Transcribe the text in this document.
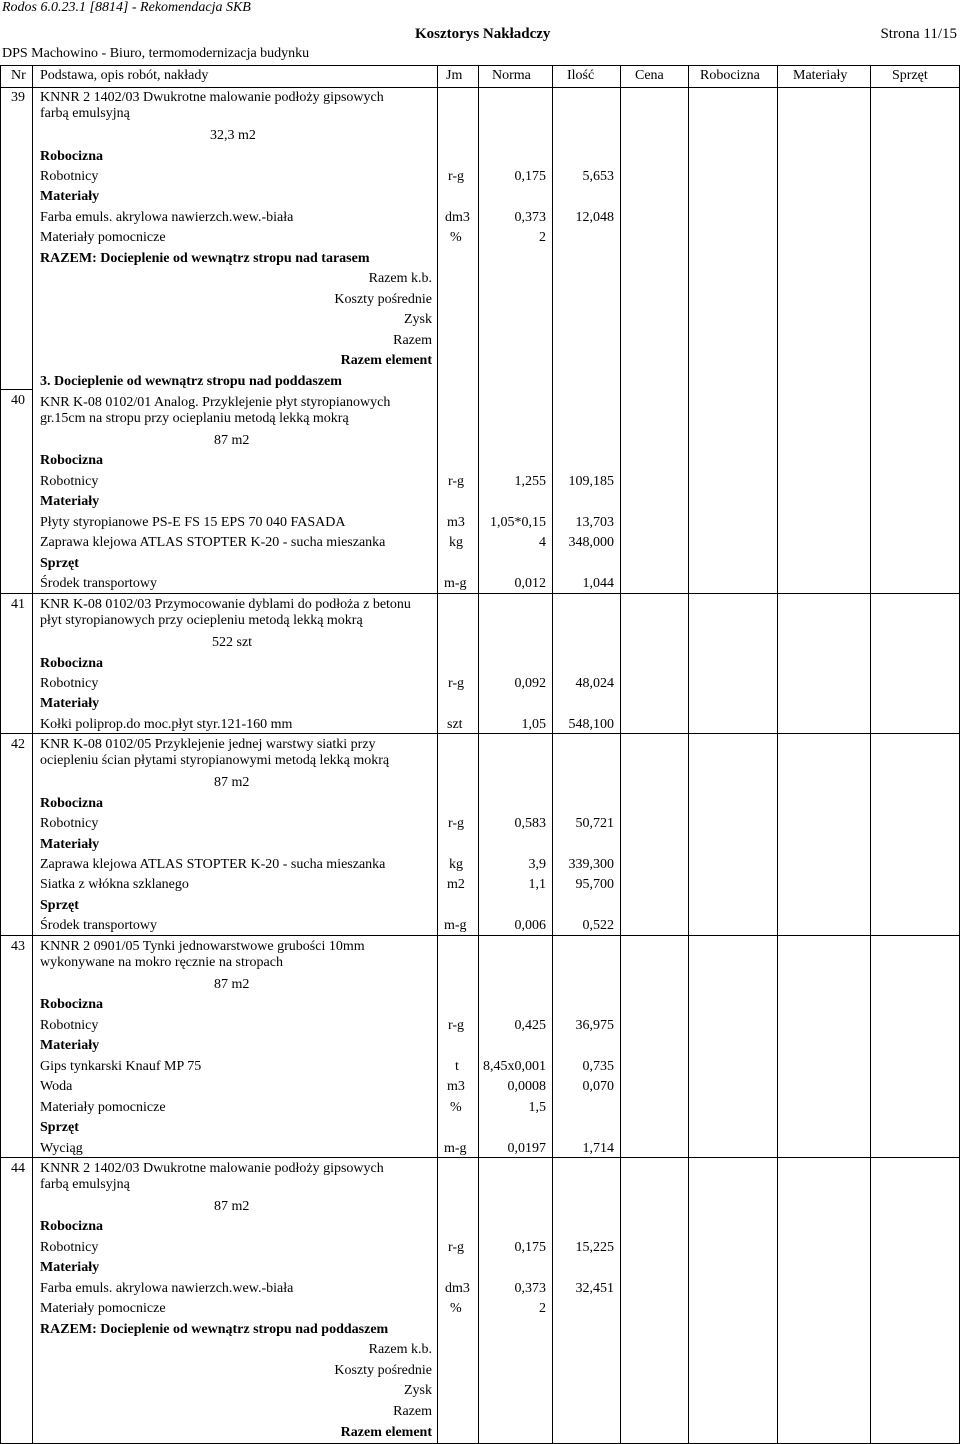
Rodos 6.0.23.1 [8814] - Rekomendacja SKB
Kosztorys Nakładczy	Strona 11/15
DPS Machowino - Biuro, termomodernizacja budynku
Nr Podstawa, opis robót, nakłady	Jm Norma	Ilość	Cena	Robocizna Materiały	Sprzęt
39 KNNR 2 1402/03 Dwukrotne malowanie podłoży gipsowych
farbą emulsyjną
32,3 m2
Robocizna
Robotnicy	r-g	0,175	5,653
Materiały
Farba emuls. akrylowa nawierzch.wew.-biała	dm3	0,373 12,048
Materiały pomocnicze	%	2
RAZEM: Docieplenie od wewnątrz stropu nad tarasem
Razem k.b.
Koszty pośrednie
Zysk
Razem
Razem element
3. Docieplenie od wewnątrz stropu nad poddaszem
40 KNR K-08 0102/01 Analog. Przyklejenie płyt styropianowych
gr.15cm na stropu przy ocieplaniu metodą lekką mokrą
87 m2
Robocizna
Robotnicy	r-g	1,255 109,185
Materiały
Płyty styropianowe PS-E FS 15 EPS 70 040 FASADA	m3 1,05*0,15 13,703
Zaprawa klejowa ATLAS STOPTER K-20 - sucha mieszanka	kg	4 348,000
Sprzęt
Środek transportowy	m-g	0,012	1,044
41 KNR K-08 0102/03 Przymocowanie dyblami do podłoża z betonu
płyt styropianowych przy ociepleniu metodą lekką mokrą
522 szt
Robocizna
Robotnicy	r-g	0,092 48,024
Materiały
Kołki poliprop.do moc.płyt styr.121-160 mm	szt	1,05 548,100
42 KNR K-08 0102/05 Przyklejenie jednej warstwy siatki przy
ociepleniu ścian płytami styropianowymi metodą lekką mokrą
87 m2
Robocizna
Robotnicy	r-g	0,583 50,721
Materiały
Zaprawa klejowa ATLAS STOPTER K-20 - sucha mieszanka	kg	3,9 339,300
Siatka z włókna szklanego	m2	1,1 95,700
Sprzęt
Środek transportowy	m-g	0,006	0,522
43 KNNR 2 0901/05 Tynki jednowarstwowe grubości 10mm
wykonywane na mokro ręcznie na stropach
87 m2
Robocizna
Robotnicy	r-g	0,425 36,975
Materiały
Gips tynkarski Knauf MP 75	t 8,45x0,001	0,735
Woda	m3	0,0008	0,070
Materiały pomocnicze	%	1,5
Sprzęt
Wyciąg	m-g	0,0197	1,714
44 KNNR 2 1402/03 Dwukrotne malowanie podłoży gipsowych
farbą emulsyjną
87 m2
Robocizna
Robotnicy	r-g	0,175 15,225
Materiały
Farba emuls. akrylowa nawierzch.wew.-biała	dm3	0,373 32,451
Materiały pomocnicze	%	2
RAZEM: Docieplenie od wewnątrz stropu nad poddaszem
Razem k.b.
Koszty pośrednie
Zysk
Razem
Razem element
